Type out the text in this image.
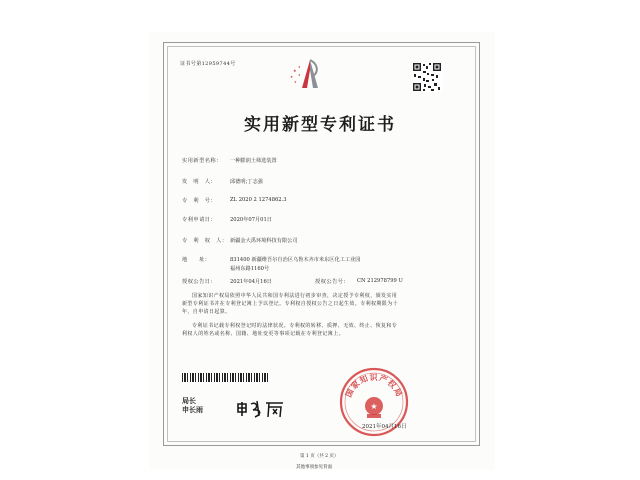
证书号第12959744号
★
★
★
★
★
实用新型专利证书
实用新型名称： 一种膨润土筛选装置
发　明　人：	邱德明;丁志强
专　利　号：	ZL 2020 2 1274862.3
专利申请日：	2020年07月01日
专　利　权　人： 新疆金大禹环境科技有限公司
地　　址：	831400 新疆维吾尔自治区乌鲁木齐市米东区化工工业园
福州东路1160号
授权公告日：	2021年04月16日	授权公告号： CN 212978799 U
国家知识产权局依照中华人民共和国专利法进行初步审查，决定授予专利权，颁发实用
新型专利证书并在专利登记簿上予以登记。专利权自授权公告之日起生效。专利权期限为十
年，自申请日起算。
专利证书记载专利权登记时的法律状况。专利权的转移、质押、无效、终止、恢复和专
利权人的姓名或名称、国籍、地址变更等事项记载在专利登记簿上。
局长
申长雨
国家知识产权局
★
2021年04月16日
第 1 页（共 2 页）
其他事项参见背面
